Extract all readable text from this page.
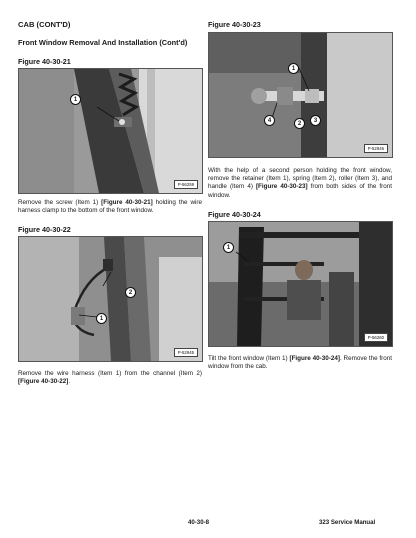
CAB (CONT'D)
Front Window Removal And Installation (Cont'd)
Figure 40-30-21
1
P-56259
Remove the screw (Item 1) [Figure 40-30-21] holding the wire harness clamp to the bottom of the front window.
Figure 40-30-22
2
1
P-52945
Remove the wire harness (Item 1) from the channel (Item 2) [Figure 40-30-22].
Figure 40-30-23
1
4	2	3
P-52946
With the help of a second person holding the front window, remove the retainer (Item 1), spring (Item 2), roller (Item 3), and handle (Item 4) [Figure 40-30-23] from both sides of the front window.
Figure 40-30-24
1
P-56260
Tilt the front window (Item 1) [Figure 40-30-24]. Remove the front window from the cab.
40-30-8	323 Service Manual
